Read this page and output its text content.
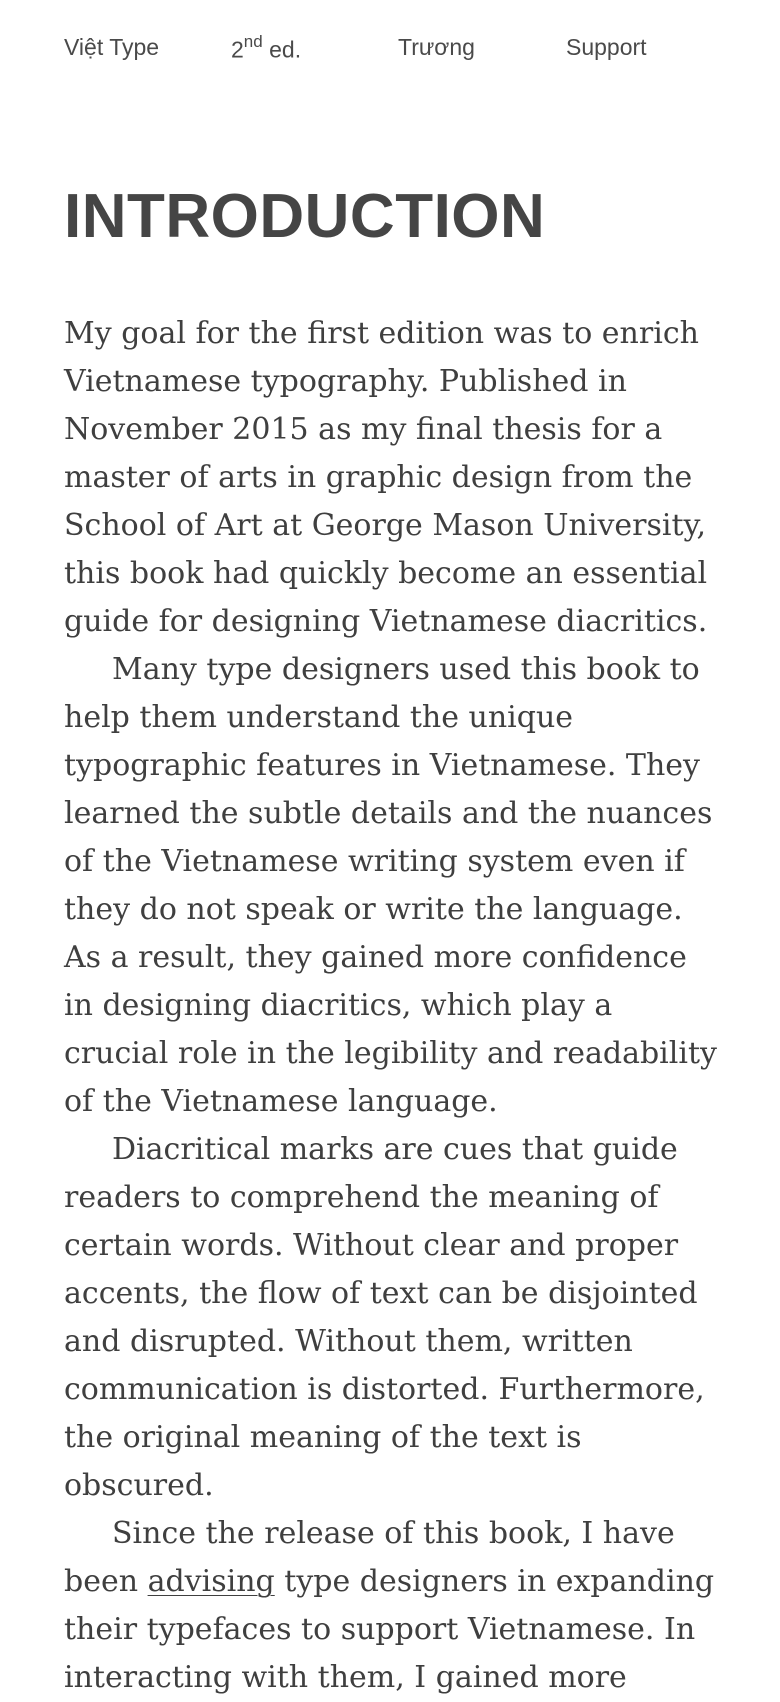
Việt Type	2nd ed.	Trương	Support
INTRODUCTION

My goal for the first edition was to enrich Vietnamese typography. Published in November 2015 as my final thesis for a master of arts in graphic design from the School of Art at George Mason University, this book had quickly become an essential guide for designing Vietnamese diacritics.

Many type designers used this book to help them understand the unique typographic features in Vietnamese. They learned the subtle details and the nuances of the Vietnamese writing system even if they do not speak or write the language. As a result, they gained more confidence in designing diacritics, which play a crucial role in the legibility and readability of the Vietnamese language.

Diacritical marks are cues that guide readers to comprehend the meaning of certain words. Without clear and proper accents, the flow of text can be disjointed and disrupted. Without them, written communication is distorted. Furthermore, the original meaning of the text is obscured.

Since the release of this book, I have been advising type designers in expanding their typefaces to support Vietnamese. In interacting with them, I gained more
